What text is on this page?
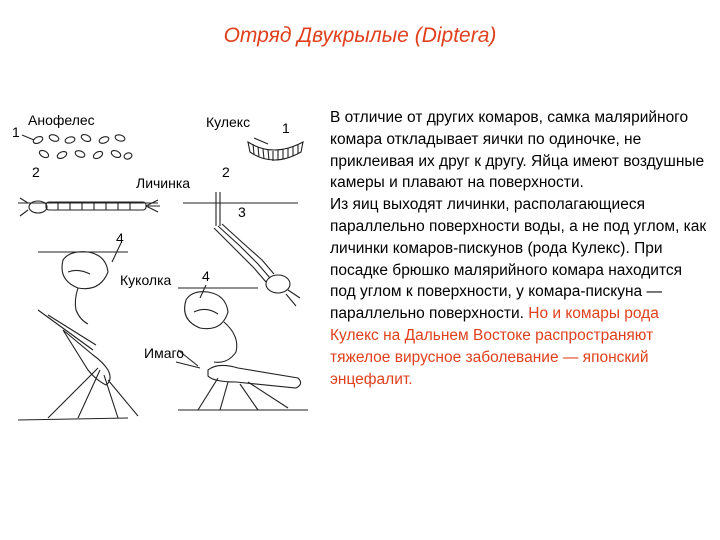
Отряд Двукрылые (Diptera)
Анофелес	Кулекс
Личинка
Куколка
Имаго
1	1
2	2
3
4
4
В отличие от других комаров, самка малярийного комара откладывает яички по одиночке, не приклеивая их друг к другу. Яйца имеют воздушные камеры и плавают на поверхности.
Из яиц выходят личинки, располагающиеся параллельно поверхности воды, а не под углом, как личинки комаров-пискунов (рода Кулекс). При посадке брюшко малярийного комара находится под углом к поверхности, у комара-пискуна — параллельно поверхности. Но и комары рода Кулекс на Дальнем Востоке распространяют тяжелое вирусное заболевание — японский энцефалит.
